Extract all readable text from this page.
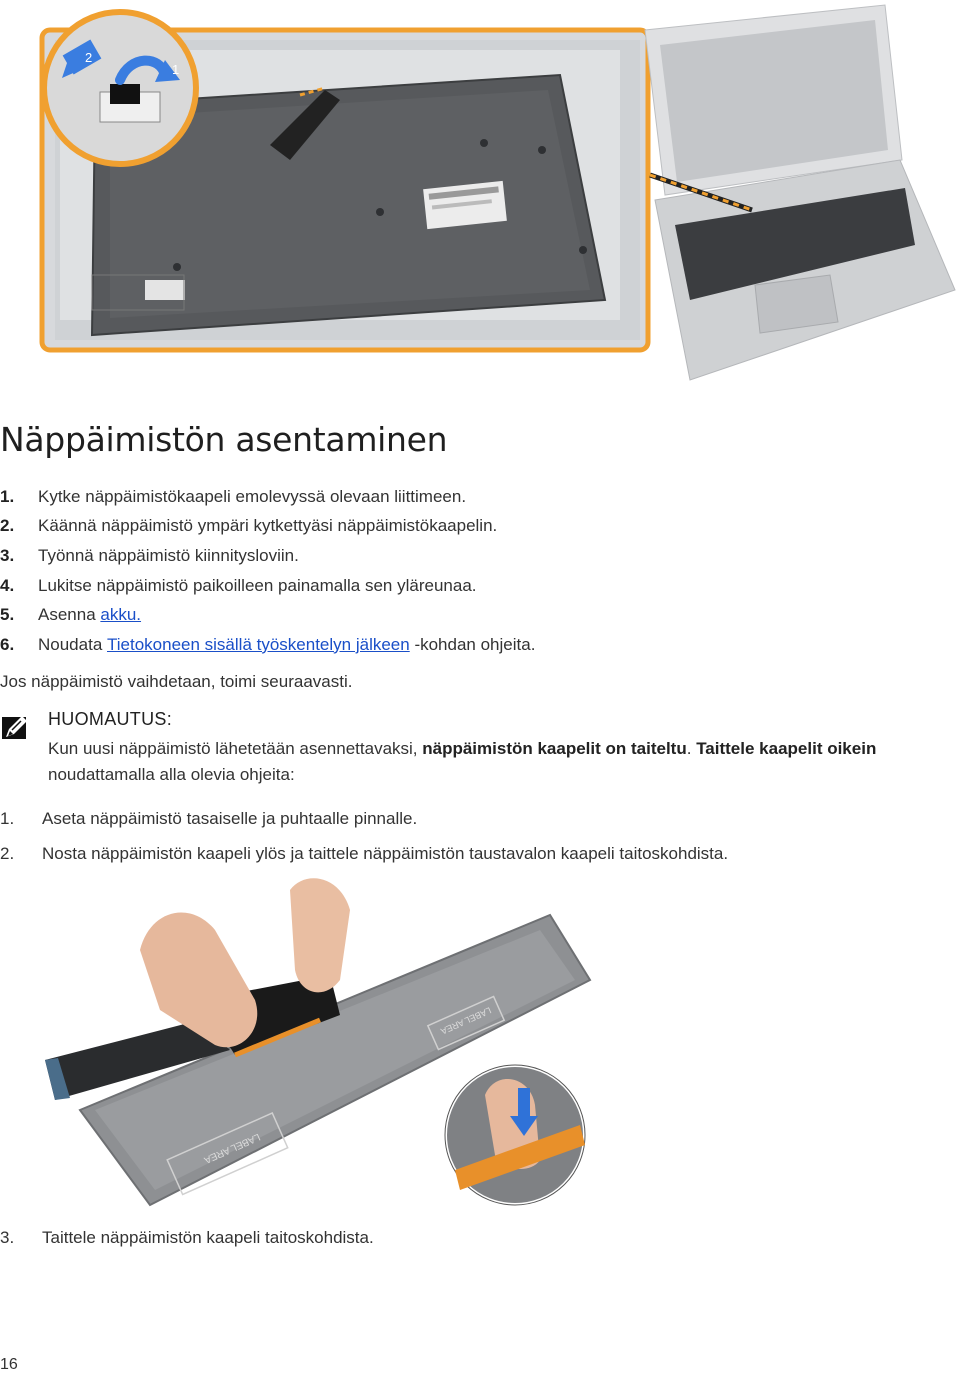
1
2
Näppäimistön asentaminen
1.	Kytke näppäimistökaapeli emolevyssä olevaan liittimeen.
2.	Käännä näppäimistö ympäri kytkettyäsi näppäimistökaapelin.
3.	Työnnä näppäimistö kiinnitysloviin.
4.	Lukitse näppäimistö paikoilleen painamalla sen yläreunaa.
5.	Asenna akku.
6.	Noudata Tietokoneen sisällä työskentelyn jälkeen -kohdan ohjeita.
Jos näppäimistö vaihdetaan, toimi seuraavasti.
HUOMAUTUS:
Kun uusi näppäimistö lähetetään asennettavaksi, näppäimistön kaapelit on taiteltu. Taittele kaapelit oikein noudattamalla alla olevia ohjeita:
1.	Aseta näppäimistö tasaiselle ja puhtaalle pinnalle.
2.	Nosta näppäimistön kaapeli ylös ja taittele näppäimistön taustavalon kaapeli taitoskohdista.
LABEL AREA
LABEL AREA
3.	Taittele näppäimistön kaapeli taitoskohdista.
16
